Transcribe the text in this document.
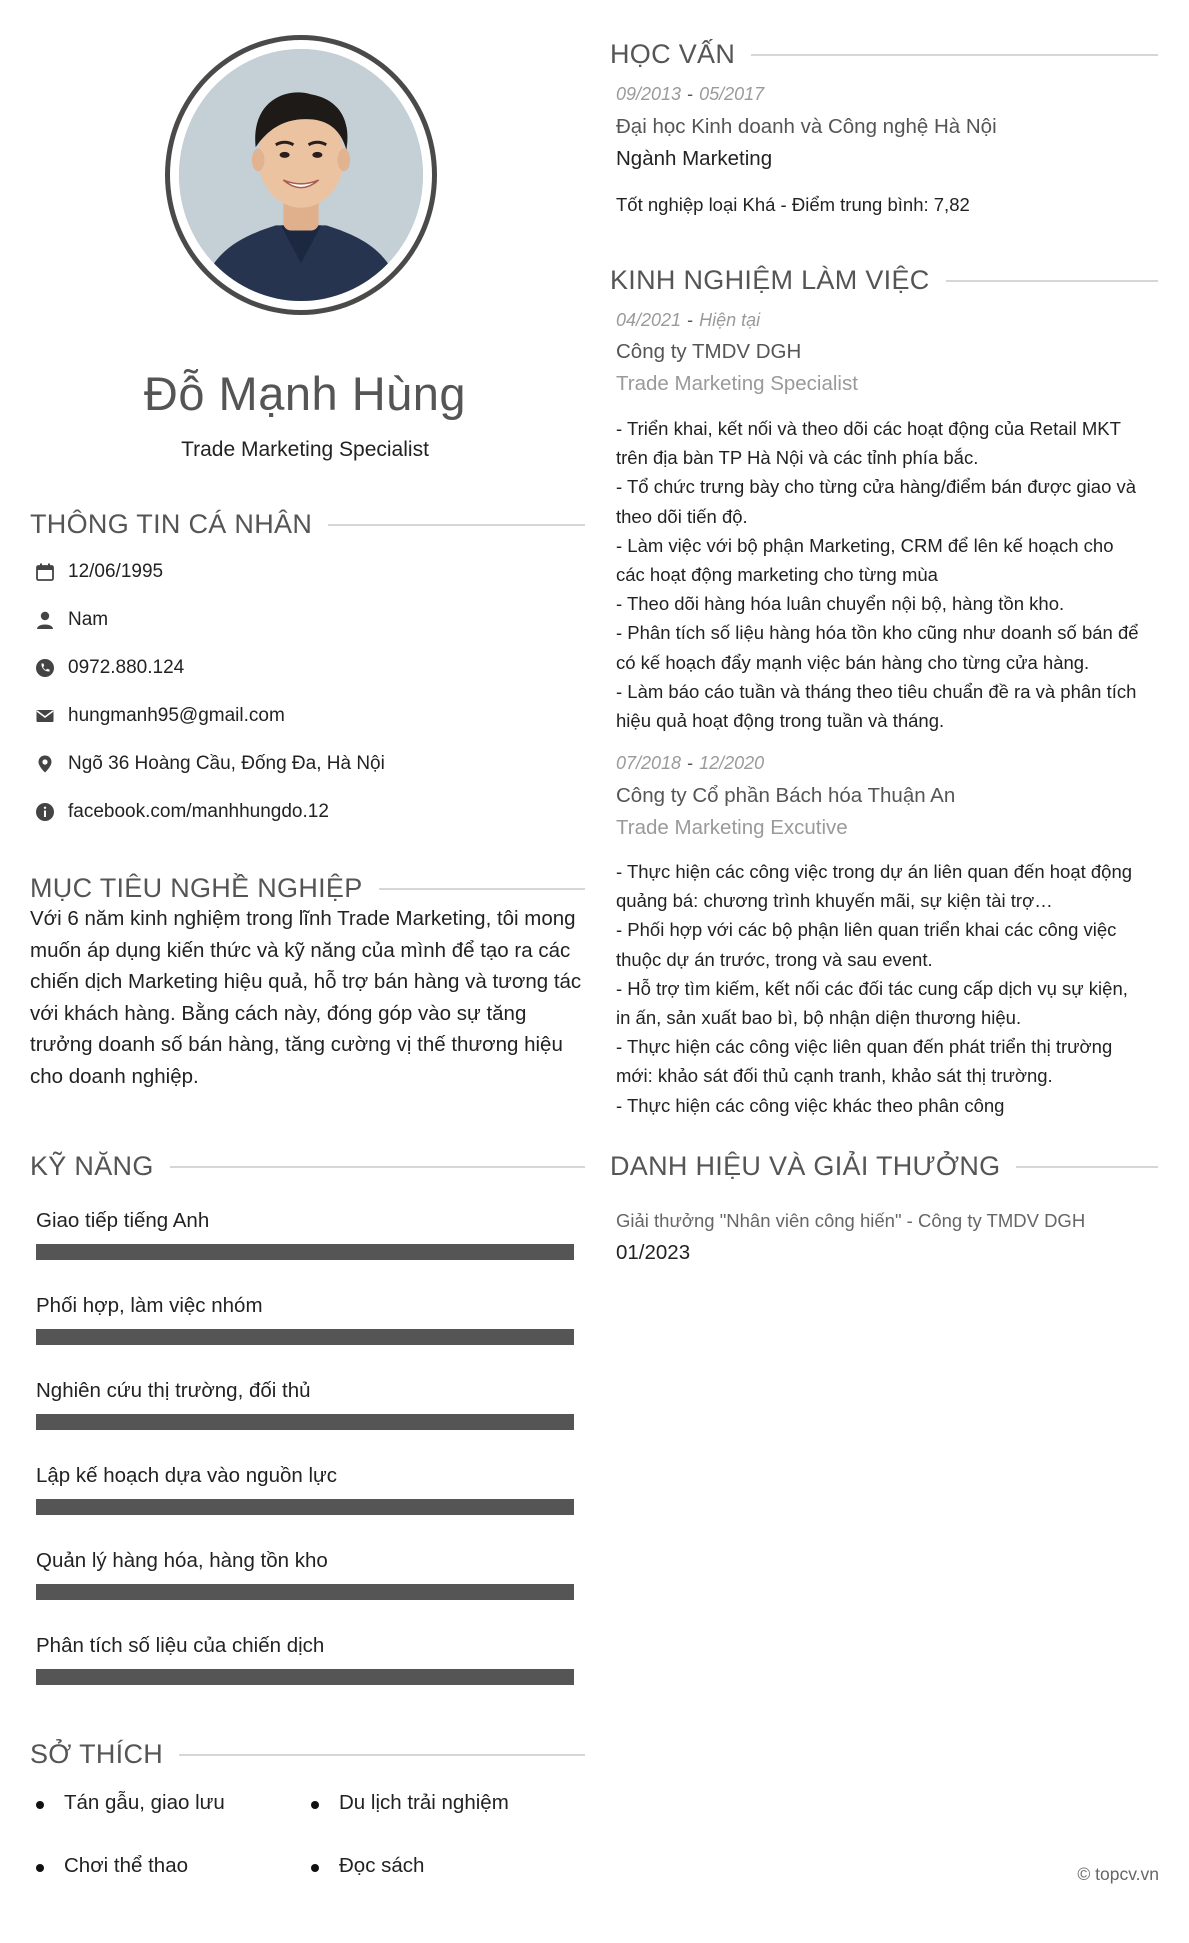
Đỗ Mạnh Hùng
Trade Marketing Specialist
THÔNG TIN CÁ NHÂN
12/06/1995
Nam
0972.880.124
hungmanh95@gmail.com
Ngõ 36 Hoàng Cầu, Đống Đa, Hà Nội
facebook.com/manhhungdo.12
MỤC TIÊU NGHỀ NGHIỆP
Với 6 năm kinh nghiệm trong lĩnh Trade Marketing, tôi mong muốn áp dụng kiến thức và kỹ năng của mình để tạo ra các chiến dịch Marketing hiệu quả, hỗ trợ bán hàng và tương tác với khách hàng. Bằng cách này, đóng góp vào sự tăng trưởng doanh số bán hàng, tăng cường vị thế thương hiệu cho doanh nghiệp.
KỸ NĂNG
Giao tiếp tiếng Anh
Phối hợp, làm việc nhóm
Nghiên cứu thị trường, đối thủ
Lập kế hoạch dựa vào nguồn lực
Quản lý hàng hóa, hàng tồn kho
Phân tích số liệu của chiến dịch
SỞ THÍCH
Tán gẫu, giao lưu	Du lịch trải nghiệm
Chơi thể thao	Đọc sách
HỌC VẤN
09/2013 - 05/2017
Đại học Kinh doanh và Công nghệ Hà Nội
Ngành Marketing
Tốt nghiệp loại Khá - Điểm trung bình: 7,82
KINH NGHIỆM LÀM VIỆC
04/2021 - Hiện tại
Công ty TMDV DGH
Trade Marketing Specialist
- Triển khai, kết nối và theo dõi các hoạt động của Retail MKT
trên địa bàn TP Hà Nội và các tỉnh phía bắc.
- Tổ chức trưng bày cho từng cửa hàng/điểm bán được giao và
theo dõi tiến độ.
- Làm việc với bộ phận Marketing, CRM để lên kế hoạch cho
các hoạt động marketing cho từng mùa
- Theo dõi hàng hóa luân chuyển nội bộ, hàng tồn kho.
- Phân tích số liệu hàng hóa tồn kho cũng như doanh số bán để
có kế hoạch đẩy mạnh việc bán hàng cho từng cửa hàng.
- Làm báo cáo tuần và tháng theo tiêu chuẩn đề ra và phân tích
hiệu quả hoạt động trong tuần và tháng.
07/2018 - 12/2020
Công ty Cổ phần Bách hóa Thuận An
Trade Marketing Excutive
- Thực hiện các công việc trong dự án liên quan đến hoạt động
quảng bá: chương trình khuyến mãi, sự kiện tài trợ…
- Phối hợp với các bộ phận liên quan triển khai các công việc
thuộc dự án trước, trong và sau event.
- Hỗ trợ tìm kiếm, kết nối các đối tác cung cấp dịch vụ sự kiện,
in ấn, sản xuất bao bì, bộ nhận diện thương hiệu.
- Thực hiện các công việc liên quan đến phát triển thị trường
mới: khảo sát đối thủ cạnh tranh, khảo sát thị trường.
- Thực hiện các công việc khác theo phân công
DANH HIỆU VÀ GIẢI THƯỞNG
Giải thưởng "Nhân viên công hiến" - Công ty TMDV DGH
01/2023
© topcv.vn
